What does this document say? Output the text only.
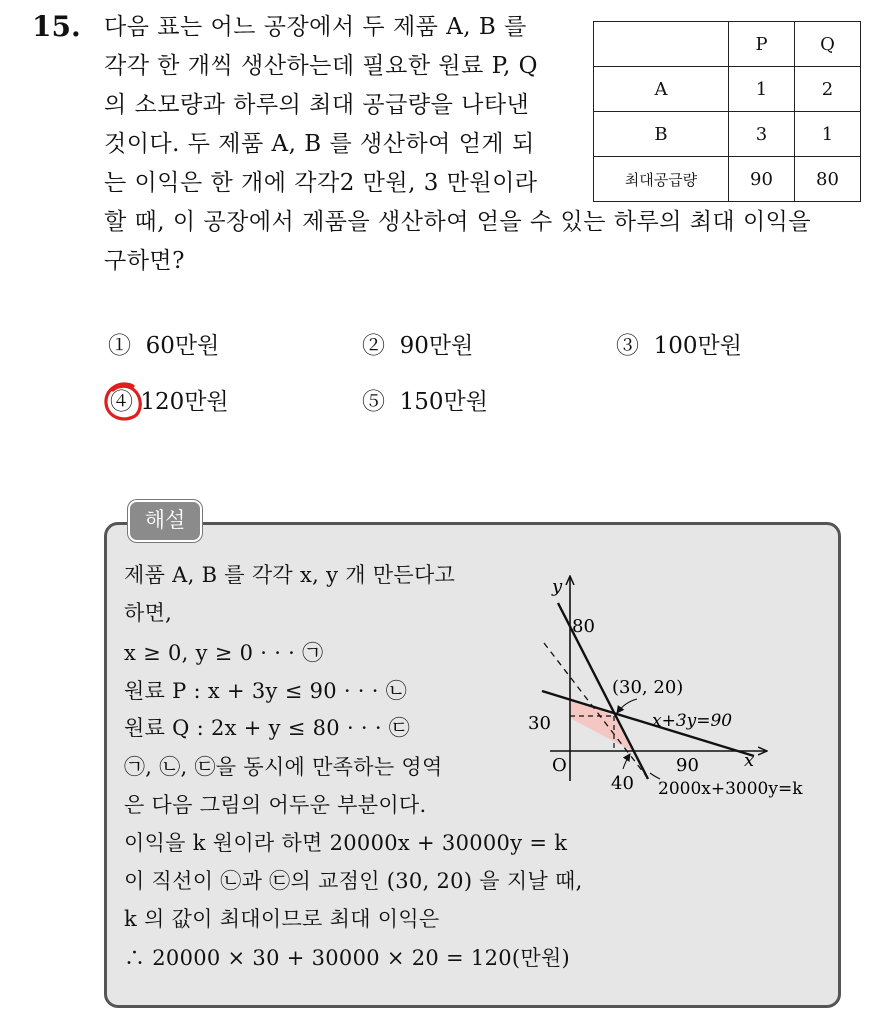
15. 다음 표는 어느 공장에서 두 제품 A, B 를
각각 한 개씩 생산하는데 필요한 원료 P, Q
의 소모량과 하루의 최대 공급량을 나타낸
것이다. 두 제품 A, B 를 생산하여 얻게 되
는 이익은 한 개에 각각2 만원, 3 만원이라
할 때, 이 공장에서 제품을 생산하여 얻을 수 있는 하루의 최대 이익을
구하면?
	P	Q
A	1	2
B	3	1
최대공급량	90	80
① 60만원	② 90만원	③ 100만원
④ 120만원	⑤ 150만원
해설
제품 A, B 를 각각 x, y 개 만든다고
하면,
x ≥ 0, y ≥ 0 · · · ㉠
원료 P : x + 3y ≤ 90 · · · ㉡
원료 Q : 2x + y ≤ 80 · · · ㉢
㉠, ㉡, ㉢을 동시에 만족하는 영역
은 다음 그림의 어두운 부분이다.
이익을 k 원이라 하면 20000x + 30000y = k
이 직선이 ㉡과 ㉢의 교점인 (30, 20) 을 지날 때,
k 의 값이 최대이므로 최대 이익은
∴ 20000 × 30 + 30000 × 20 = 120(만원)
y
x
O
80
30
40
90
(30, 20)
x+3y=90
2000x+3000y=k
